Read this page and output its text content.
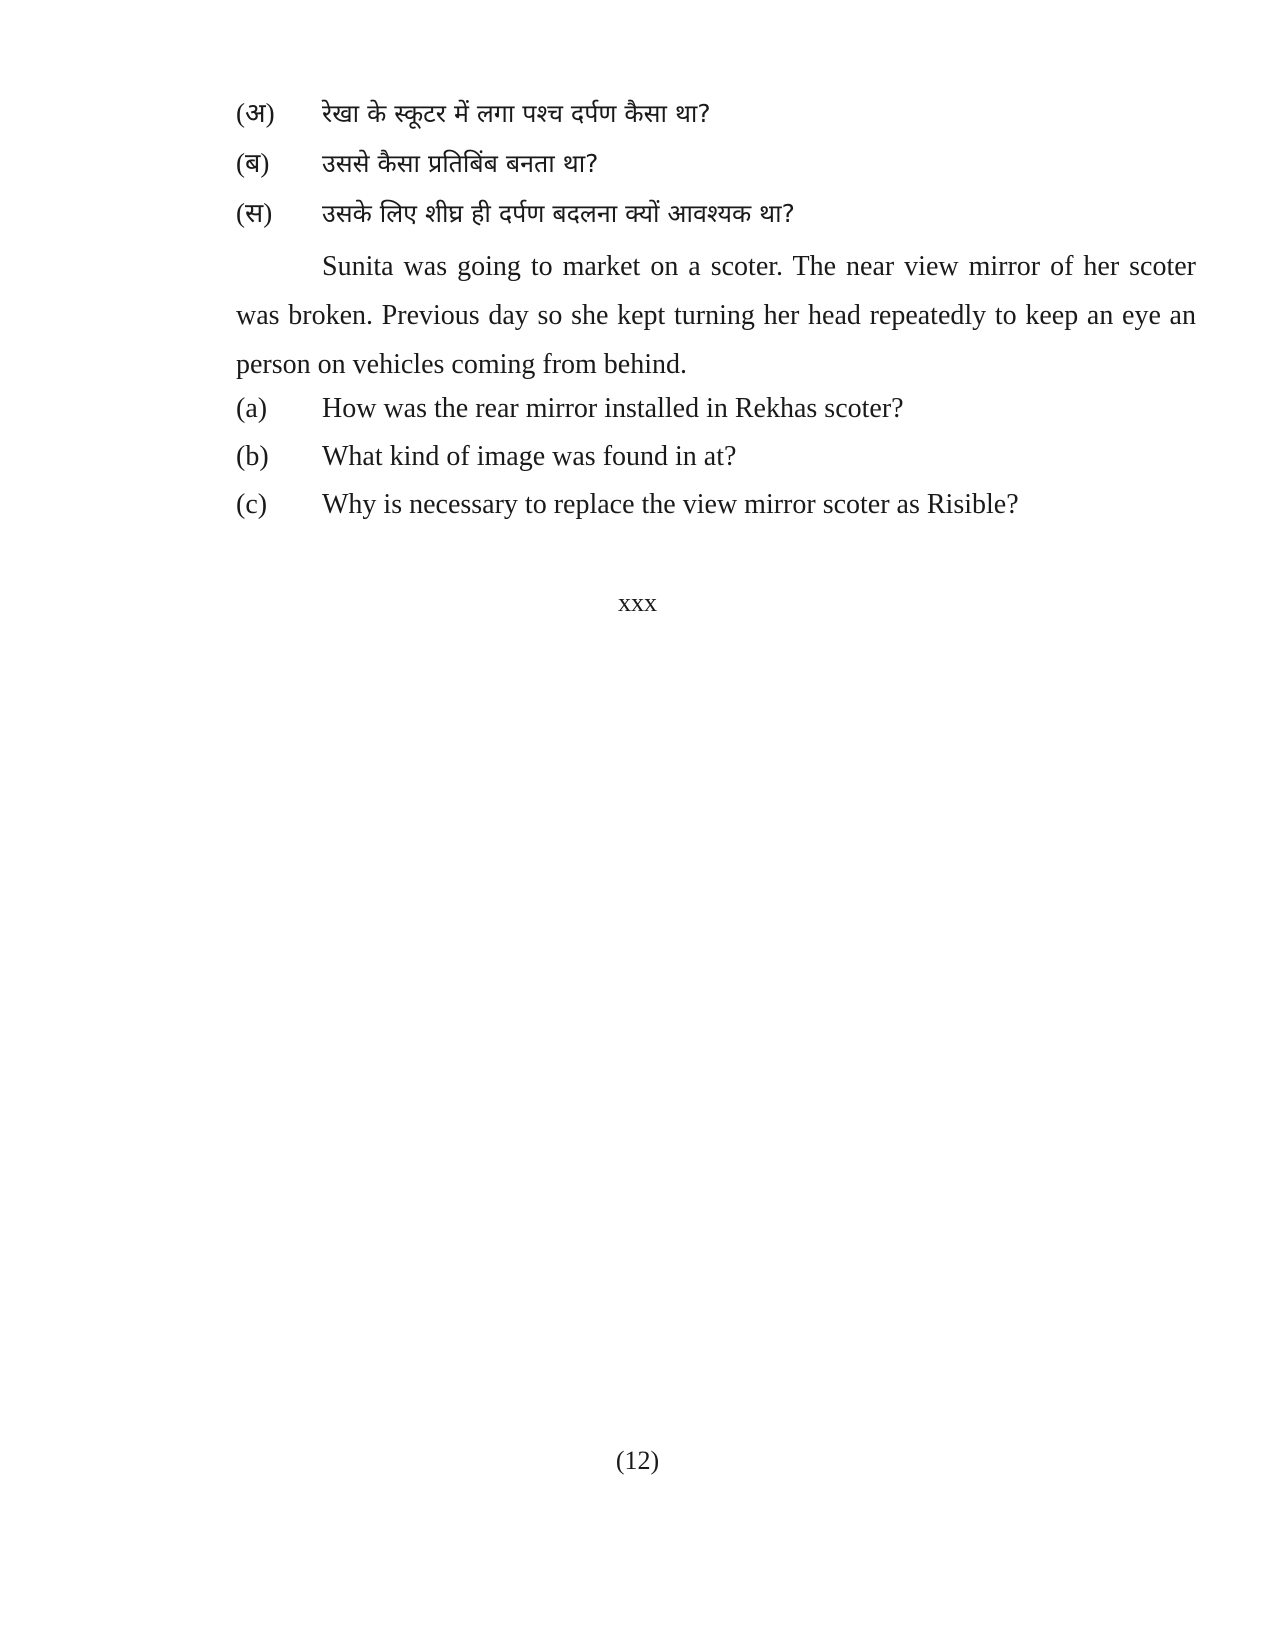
(अ)	रेखा के स्कूटर में लगा पश्च दर्पण कैसा था?
(ब)	उससे कैसा प्रतिबिंब बनता था?
(स)	उसके लिए शीघ्र ही दर्पण बदलना क्यों आवश्यक था?

Sunita was going to market on a scoter. The near view mirror of her scoter was broken. Previous day so she kept turning her head repeatedly to keep an eye an person on vehicles coming from behind.

(a)	How was the rear mirror installed in Rekhas scoter?
(b)	What kind of image was found in at?
(c)	Why is necessary to replace the view mirror scoter as Risible?
xxx
(12)
